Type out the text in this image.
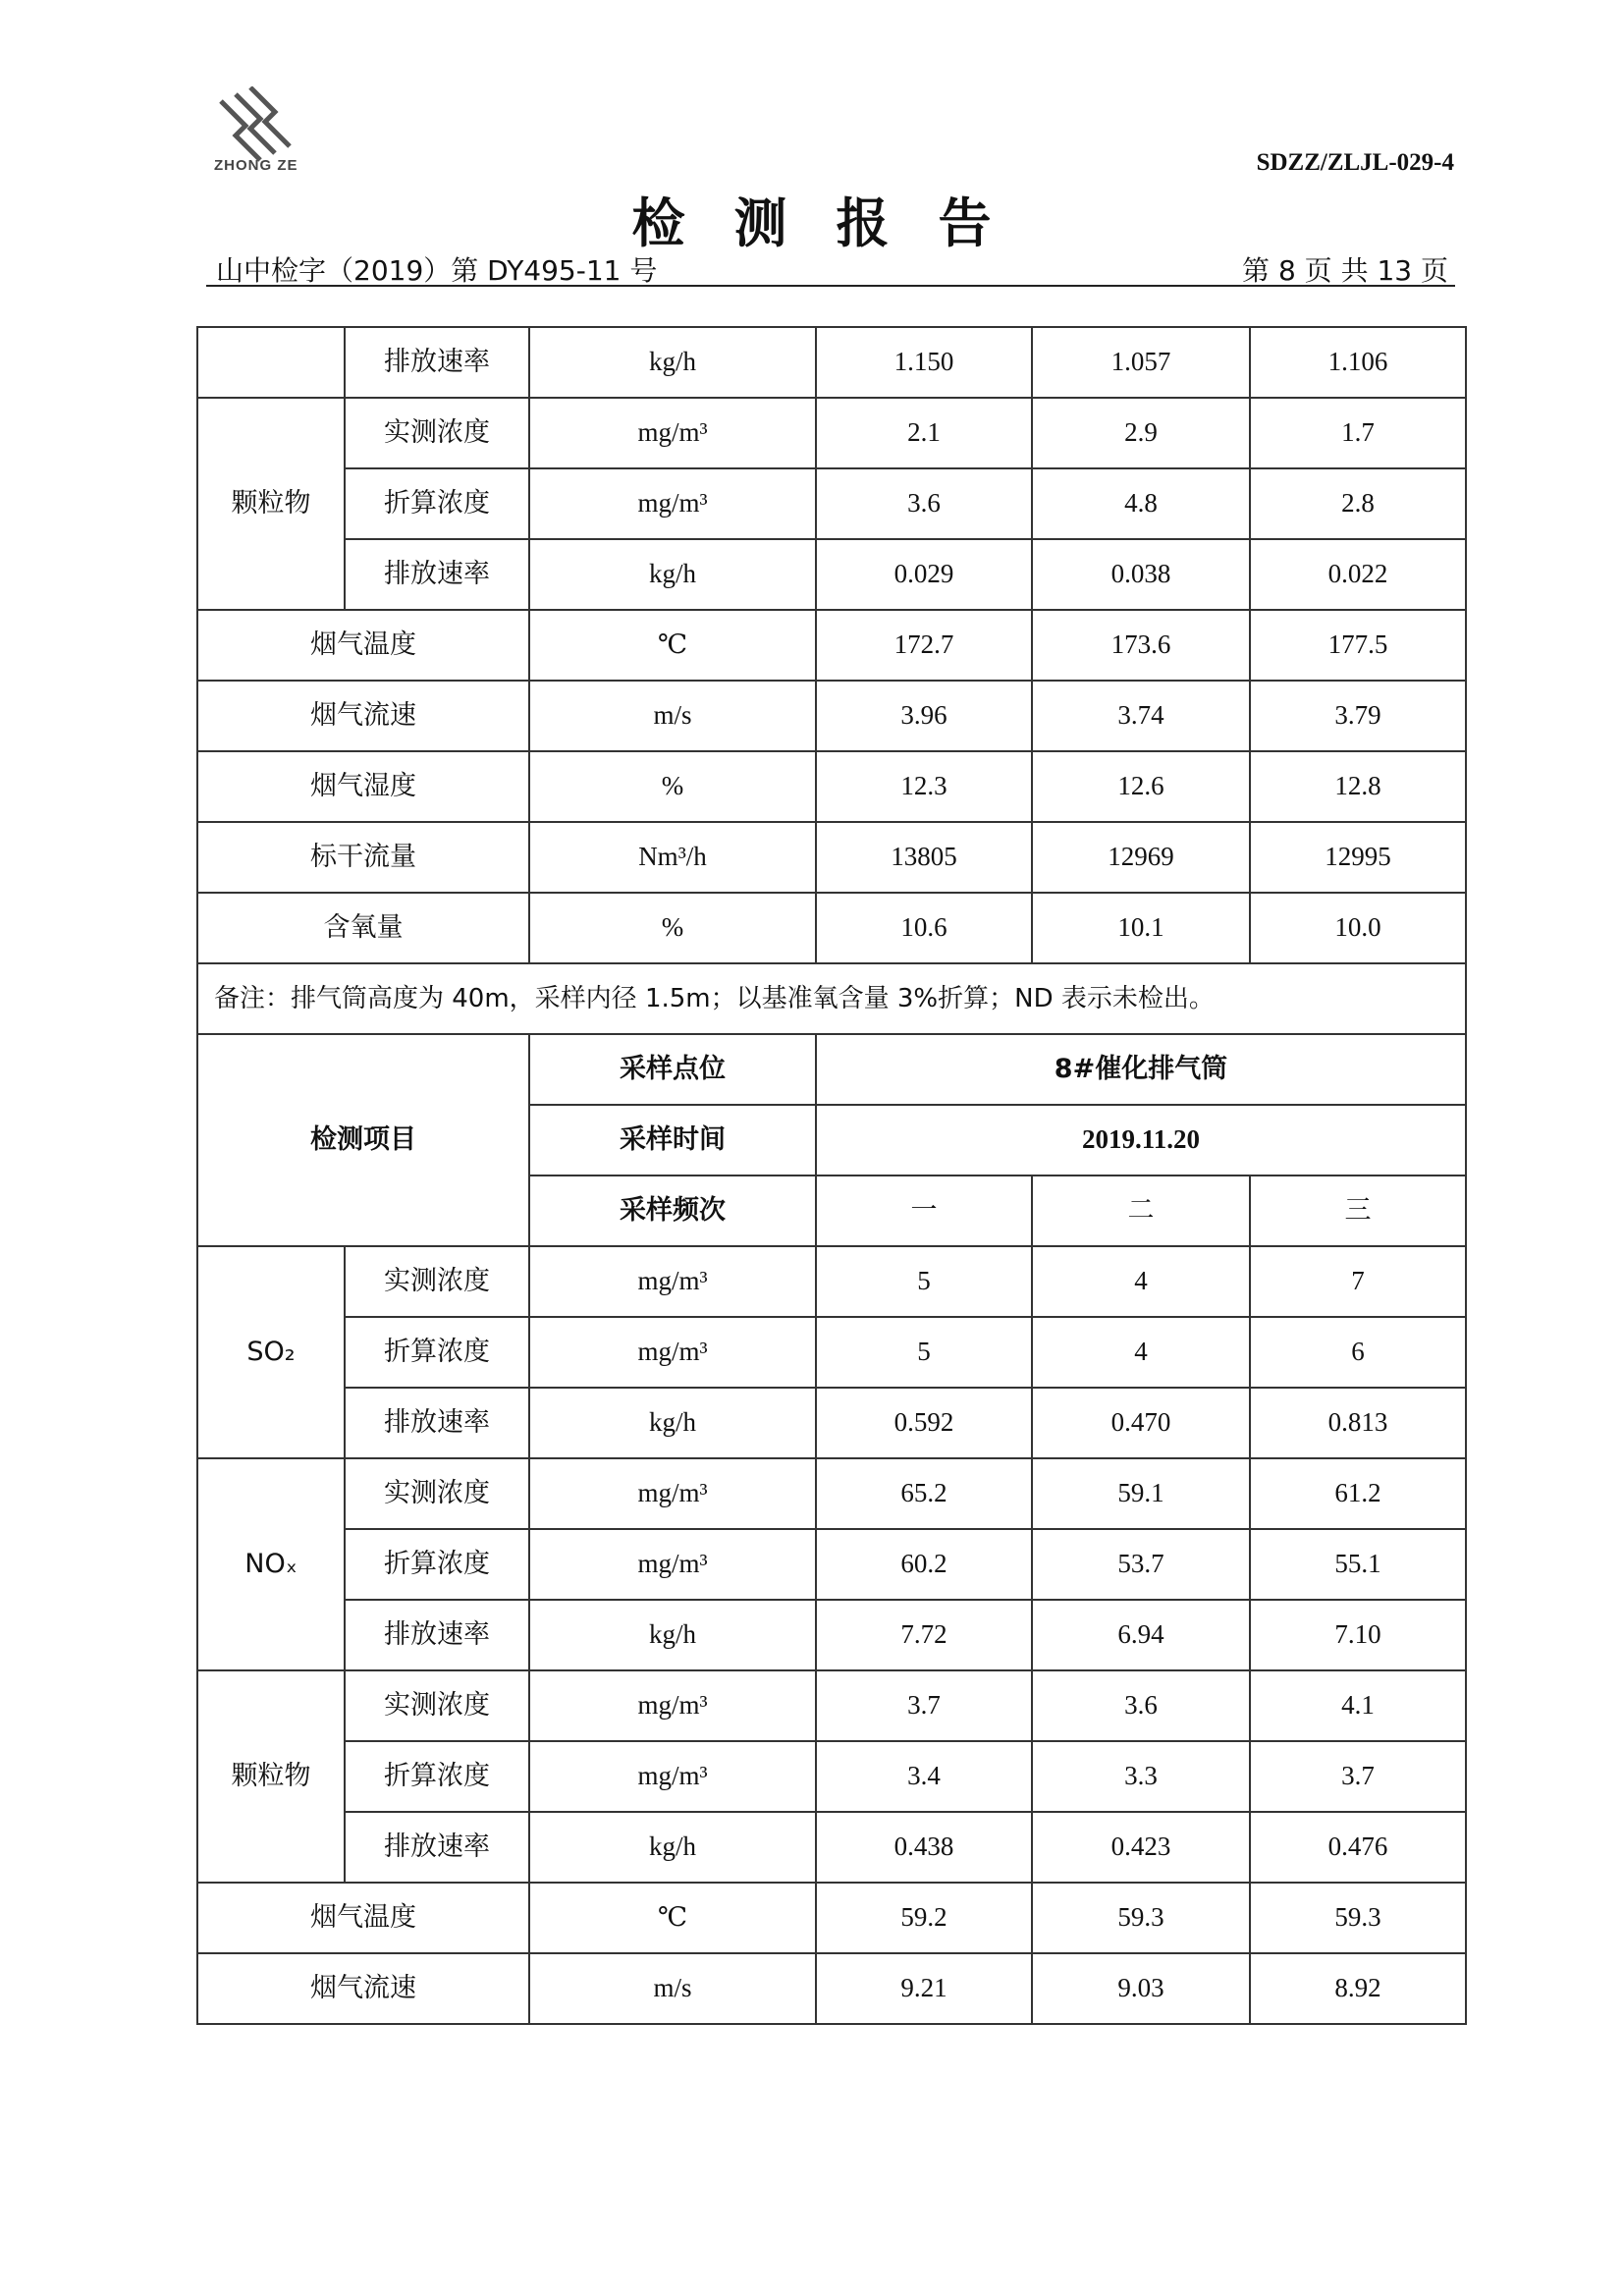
ZHONG ZE	SDZZ/ZLJL-029-4
检测报告
山中检字（2019）第 DY495-11 号	第 8 页 共 13 页
	排放速率	kg/h	1.150	1.057	1.106
颗粒物	实测浓度	mg/m³	2.1	2.9	1.7
	折算浓度	mg/m³	3.6	4.8	2.8
	排放速率	kg/h	0.029	0.038	0.022
烟气温度		℃	172.7	173.6	177.5
烟气流速		m/s	3.96	3.74	3.79
烟气湿度		%	12.3	12.6	12.8
标干流量		Nm³/h	13805	12969	12995
含氧量		%	10.6	10.1	10.0
备注：排气筒高度为 40m，采样内径 1.5m；以基准氧含量 3%折算；ND 表示未检出。					
检测项目		采样点位	8#催化排气筒		
		采样时间	2019.11.20		
		采样频次	一	二	三
SO₂	实测浓度	mg/m³	5	4	7
	折算浓度	mg/m³	5	4	6
	排放速率	kg/h	0.592	0.470	0.813
NOₓ	实测浓度	mg/m³	65.2	59.1	61.2
	折算浓度	mg/m³	60.2	53.7	55.1
	排放速率	kg/h	7.72	6.94	7.10
颗粒物	实测浓度	mg/m³	3.7	3.6	4.1
	折算浓度	mg/m³	3.4	3.3	3.7
	排放速率	kg/h	0.438	0.423	0.476
烟气温度		℃	59.2	59.3	59.3
烟气流速		m/s	9.21	9.03	8.92
